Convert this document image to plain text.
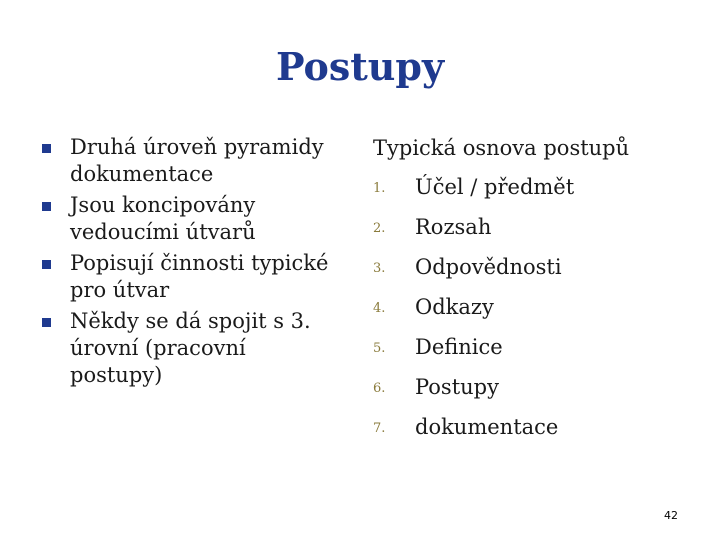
Postupy
Druhá úroveň pyramidy dokumentace
Jsou koncipovány vedoucími útvarů
Popisují činnosti typické pro útvar
Někdy se dá spojit s 3. úrovní (pracovní postupy)
Typická osnova postupů
1. Účel / předmět
2. Rozsah
3. Odpovědnosti
4. Odkazy
5. Definice
6. Postupy
7. dokumentace
42
